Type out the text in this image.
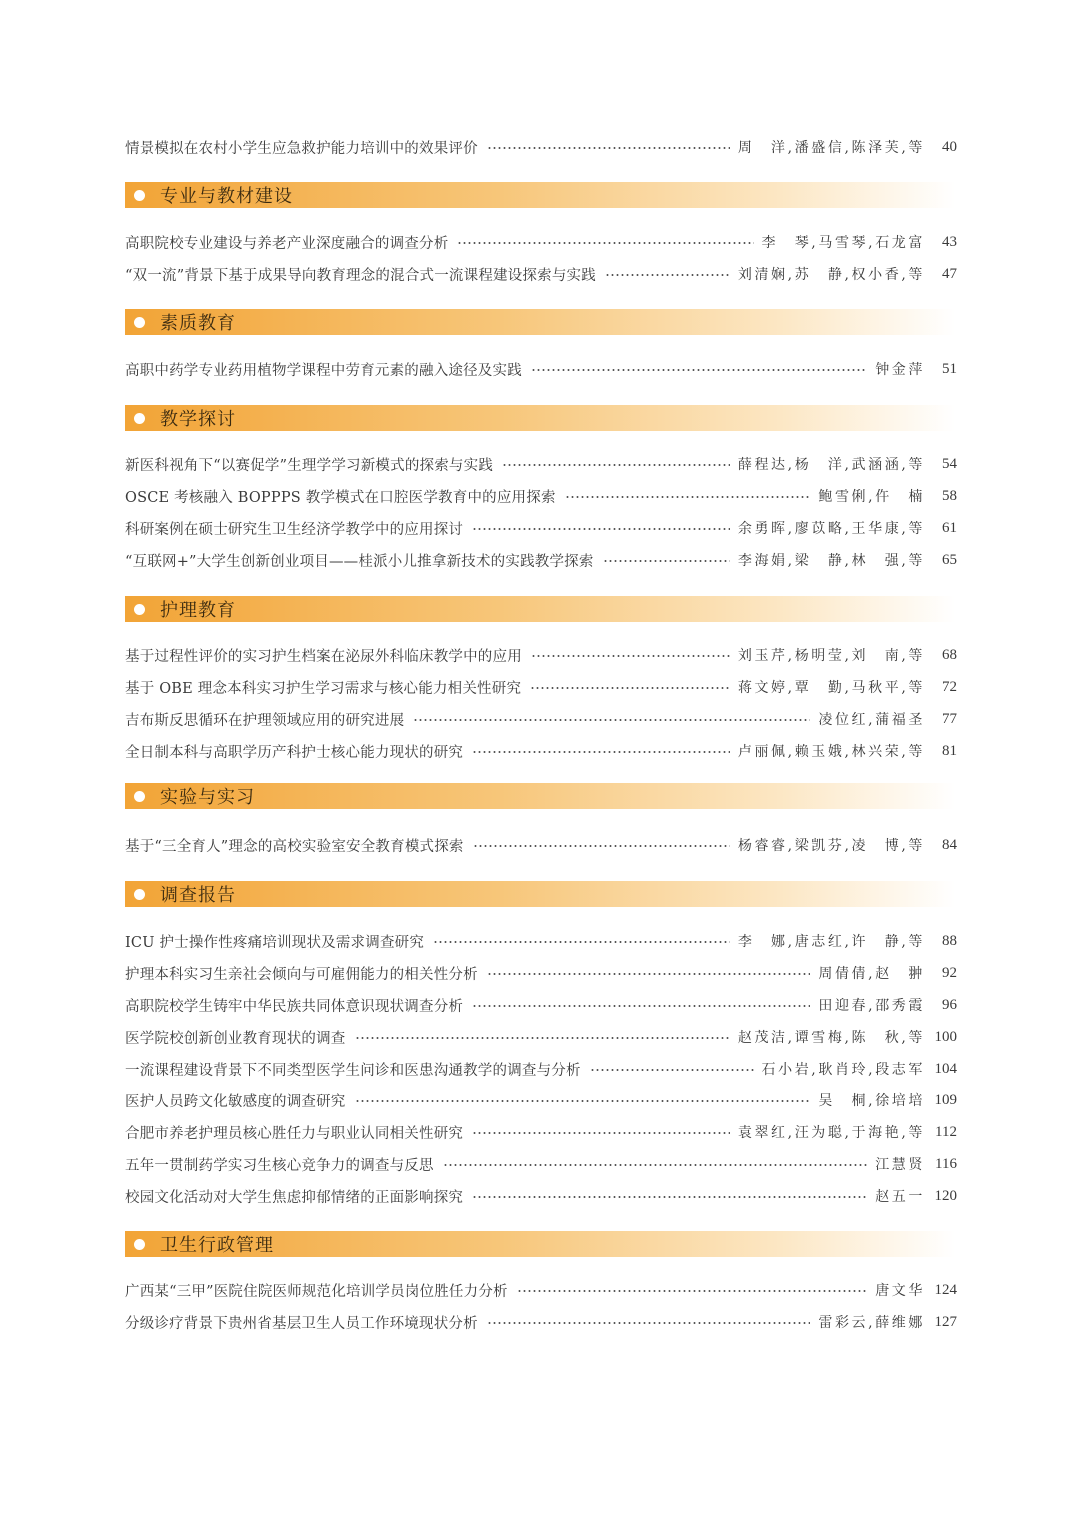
情景模拟在农村小学生应急救护能力培训中的效果评价	周　洋,潘盛信,陈泽芙,等	40
专业与教材建设
高职院校专业建设与养老产业深度融合的调查分析	李　琴,马雪琴,石龙富	43
“双一流”背景下基于成果导向教育理念的混合式一流课程建设探索与实践	刘清娴,苏　静,权小香,等	47
素质教育
高职中药学专业药用植物学课程中劳育元素的融入途径及实践	钟金萍	51
教学探讨
新医科视角下“以赛促学”生理学学习新模式的探索与实践	薛程达,杨　洋,武涵涵,等	54
OSCE 考核融入 BOPPPS 教学模式在口腔医学教育中的应用探索	鲍雪俐,仵　楠	58
科研案例在硕士研究生卫生经济学教学中的应用探讨	余勇晖,廖苡略,王华康,等	61
“互联网+”大学生创新创业项目——桂派小儿推拿新技术的实践教学探索	李海娟,梁　静,林　强,等	65
护理教育
基于过程性评价的实习护生档案在泌尿外科临床教学中的应用	刘玉芹,杨明莹,刘　南,等	68
基于 OBE 理念本科实习护生学习需求与核心能力相关性研究	蒋文婷,覃　勤,马秋平,等	72
吉布斯反思循环在护理领域应用的研究进展	凌位红,蒲福圣	77
全日制本科与高职学历产科护士核心能力现状的研究	卢丽佩,赖玉娥,林兴荣,等	81
实验与实习
基于“三全育人”理念的高校实验室安全教育模式探索	杨睿睿,梁凯芬,凌　博,等	84
调查报告
ICU 护士操作性疼痛培训现状及需求调查研究	李　娜,唐志红,许　静,等	88
护理本科实习生亲社会倾向与可雇佣能力的相关性分析	周倩倩,赵　翀	92
高职院校学生铸牢中华民族共同体意识现状调查分析	田迎春,邵秀霞	96
医学院校创新创业教育现状的调查	赵茂洁,谭雪梅,陈　秋,等 100
一流课程建设背景下不同类型医学生问诊和医患沟通教学的调查与分析	石小岩,耿肖玲,段志军 104
医护人员跨文化敏感度的调查研究	吴　桐,徐培培 109
合肥市养老护理员核心胜任力与职业认同相关性研究	袁翠红,汪为聪,于海艳,等 112
五年一贯制药学实习生核心竞争力的调查与反思	江慧贤 116
校园文化活动对大学生焦虑抑郁情绪的正面影响探究	赵五一 120
卫生行政管理
广西某“三甲”医院住院医师规范化培训学员岗位胜任力分析	唐文华 124
分级诊疗背景下贵州省基层卫生人员工作环境现状分析	雷彩云,薛维娜 127
